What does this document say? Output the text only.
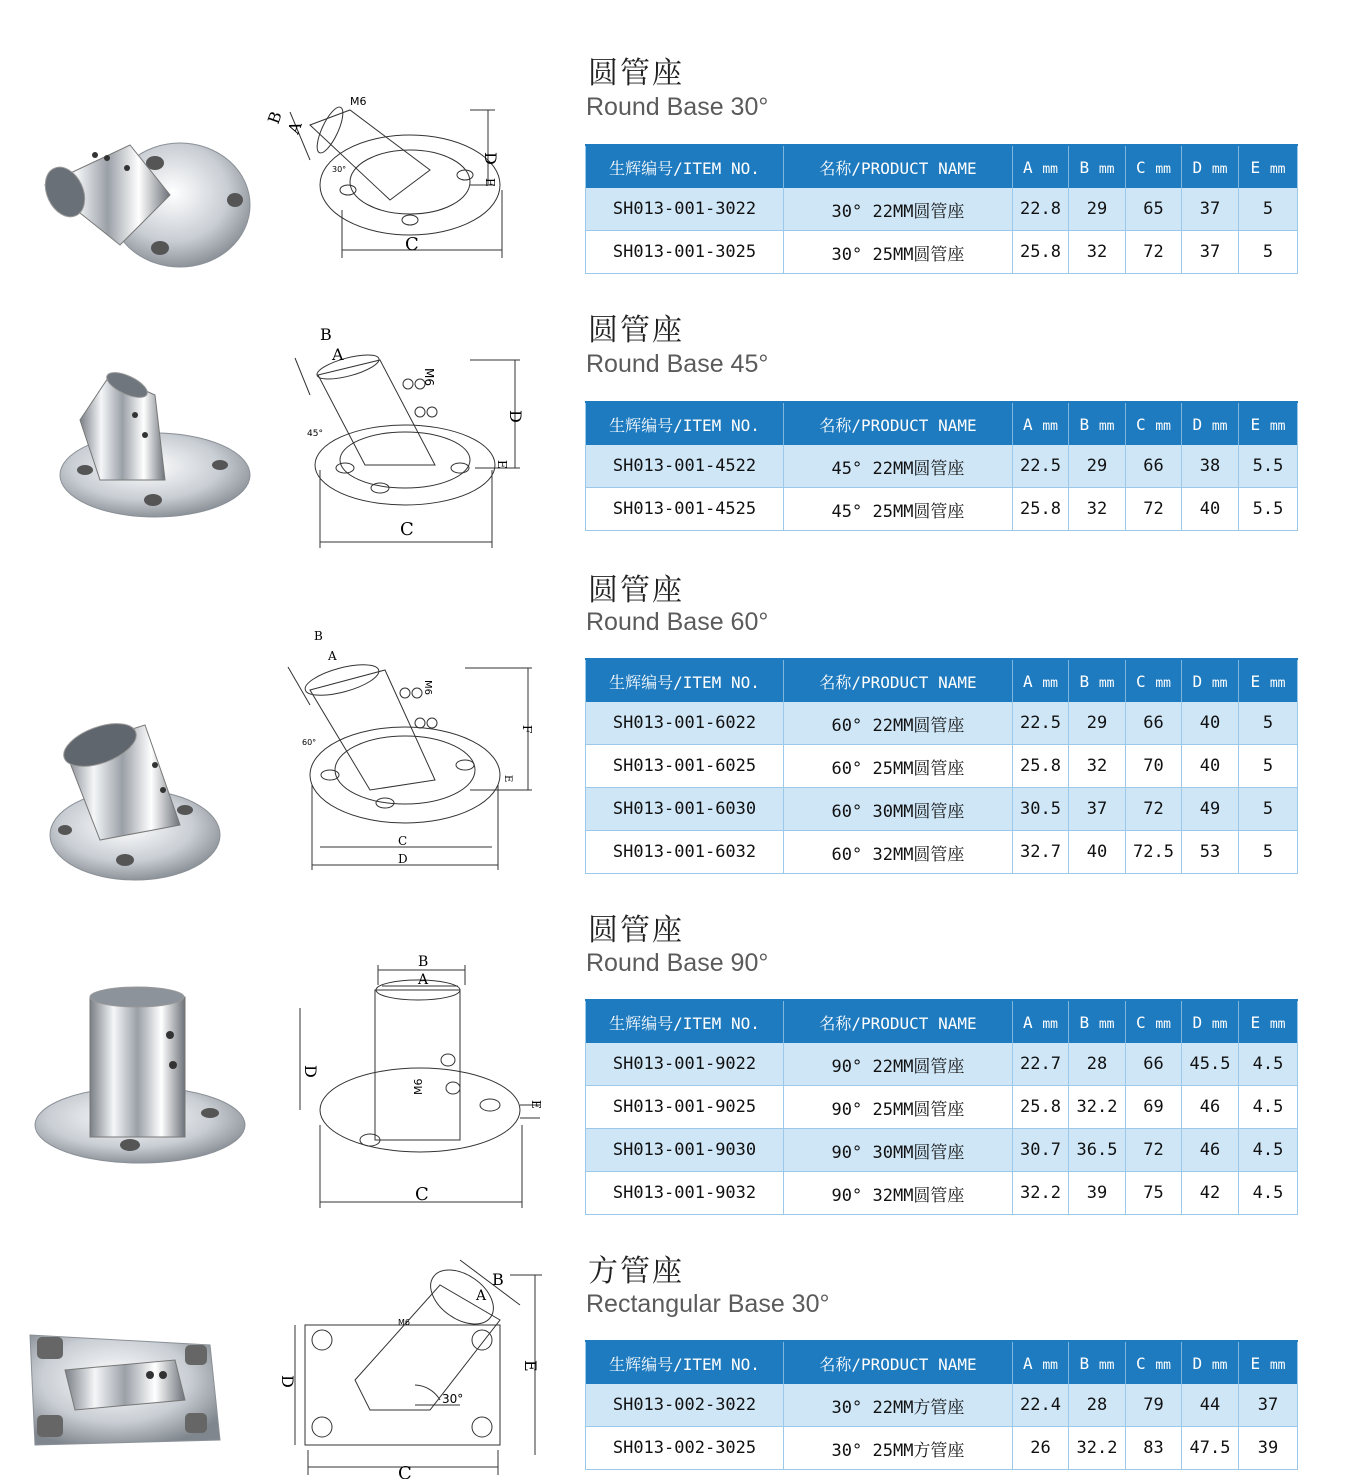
B
A
M6
D
E
C
30°
圆管座
Round Base 30°
生辉编号/ITEM NO.	名称/PRODUCT NAME	A mm	B mm	C mm	D mm	E mm
SH013-001-3022	30° 22MM圆管座	22.8	29	65	37	5
SH013-001-3025	30° 25MM圆管座	25.8	32	72	37	5
B
A
M6
D
E
C
45°
圆管座
Round Base 45°
生辉编号/ITEM NO.	名称/PRODUCT NAME	A mm	B mm	C mm	D mm	E mm
SH013-001-4522	45° 22MM圆管座	22.5	29	66	38	5.5
SH013-001-4525	45° 25MM圆管座	25.8	32	72	40	5.5
B
A
M6
F
E
C
D
60°
圆管座
Round Base 60°
生辉编号/ITEM NO.	名称/PRODUCT NAME	A mm	B mm	C mm	D mm	E mm
SH013-001-6022	60° 22MM圆管座	22.5	29	66	40	5
SH013-001-6025	60° 25MM圆管座	25.8	32	70	40	5
SH013-001-6030	60° 30MM圆管座	30.5	37	72	49	5
SH013-001-6032	60° 32MM圆管座	32.7	40	72.5	53	5
B
A
M6
D
E
C
圆管座
Round Base 90°
生辉编号/ITEM NO.	名称/PRODUCT NAME	A mm	B mm	C mm	D mm	E mm
SH013-001-9022	90° 22MM圆管座	22.7	28	66	45.5	4.5
SH013-001-9025	90° 25MM圆管座	25.8	32.2	69	46	4.5
SH013-001-9030	90° 30MM圆管座	30.7	36.5	72	46	4.5
SH013-001-9032	90° 32MM圆管座	32.2	39	75	42	4.5
B
A
M6
D
E
C
30°
方管座
Rectangular Base 30°
生辉编号/ITEM NO.	名称/PRODUCT NAME	A mm	B mm	C mm	D mm	E mm
SH013-002-3022	30° 22MM方管座	22.4	28	79	44	37
SH013-002-3025	30° 25MM方管座	26	32.2	83	47.5	39
